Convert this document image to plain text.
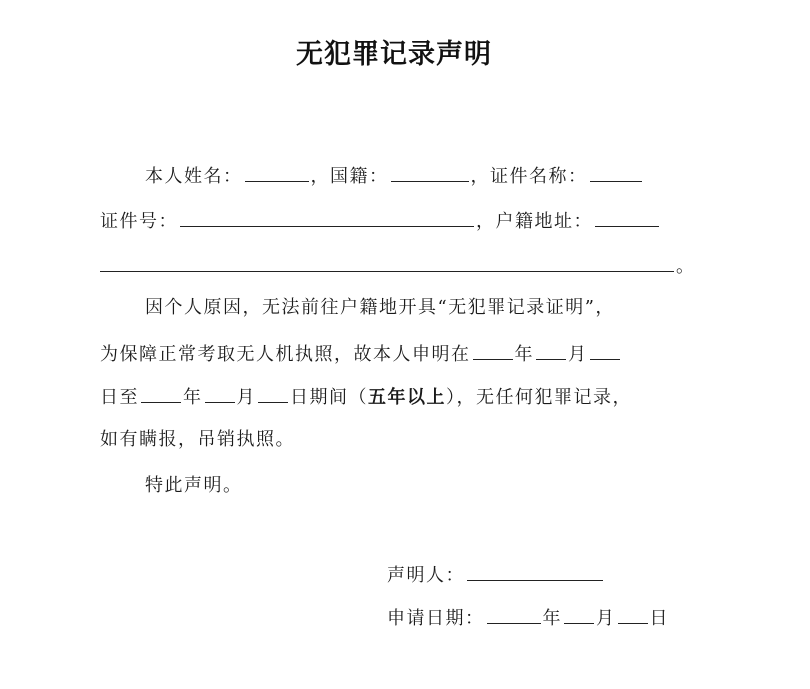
无犯罪记录声明
本人姓名：	，国籍：	，证件名称：
证件号：	，户籍地址：
。
因个人原因，无法前往户籍地开具“无犯罪记录证明”，
为保障正常考取无人机执照，故本人申明在 年 月
日至 年 月 日期间（五年以上），无任何犯罪记录，
如有瞒报，吊销执照。
特此声明。
声明人：
申请日期：	年 月 日
